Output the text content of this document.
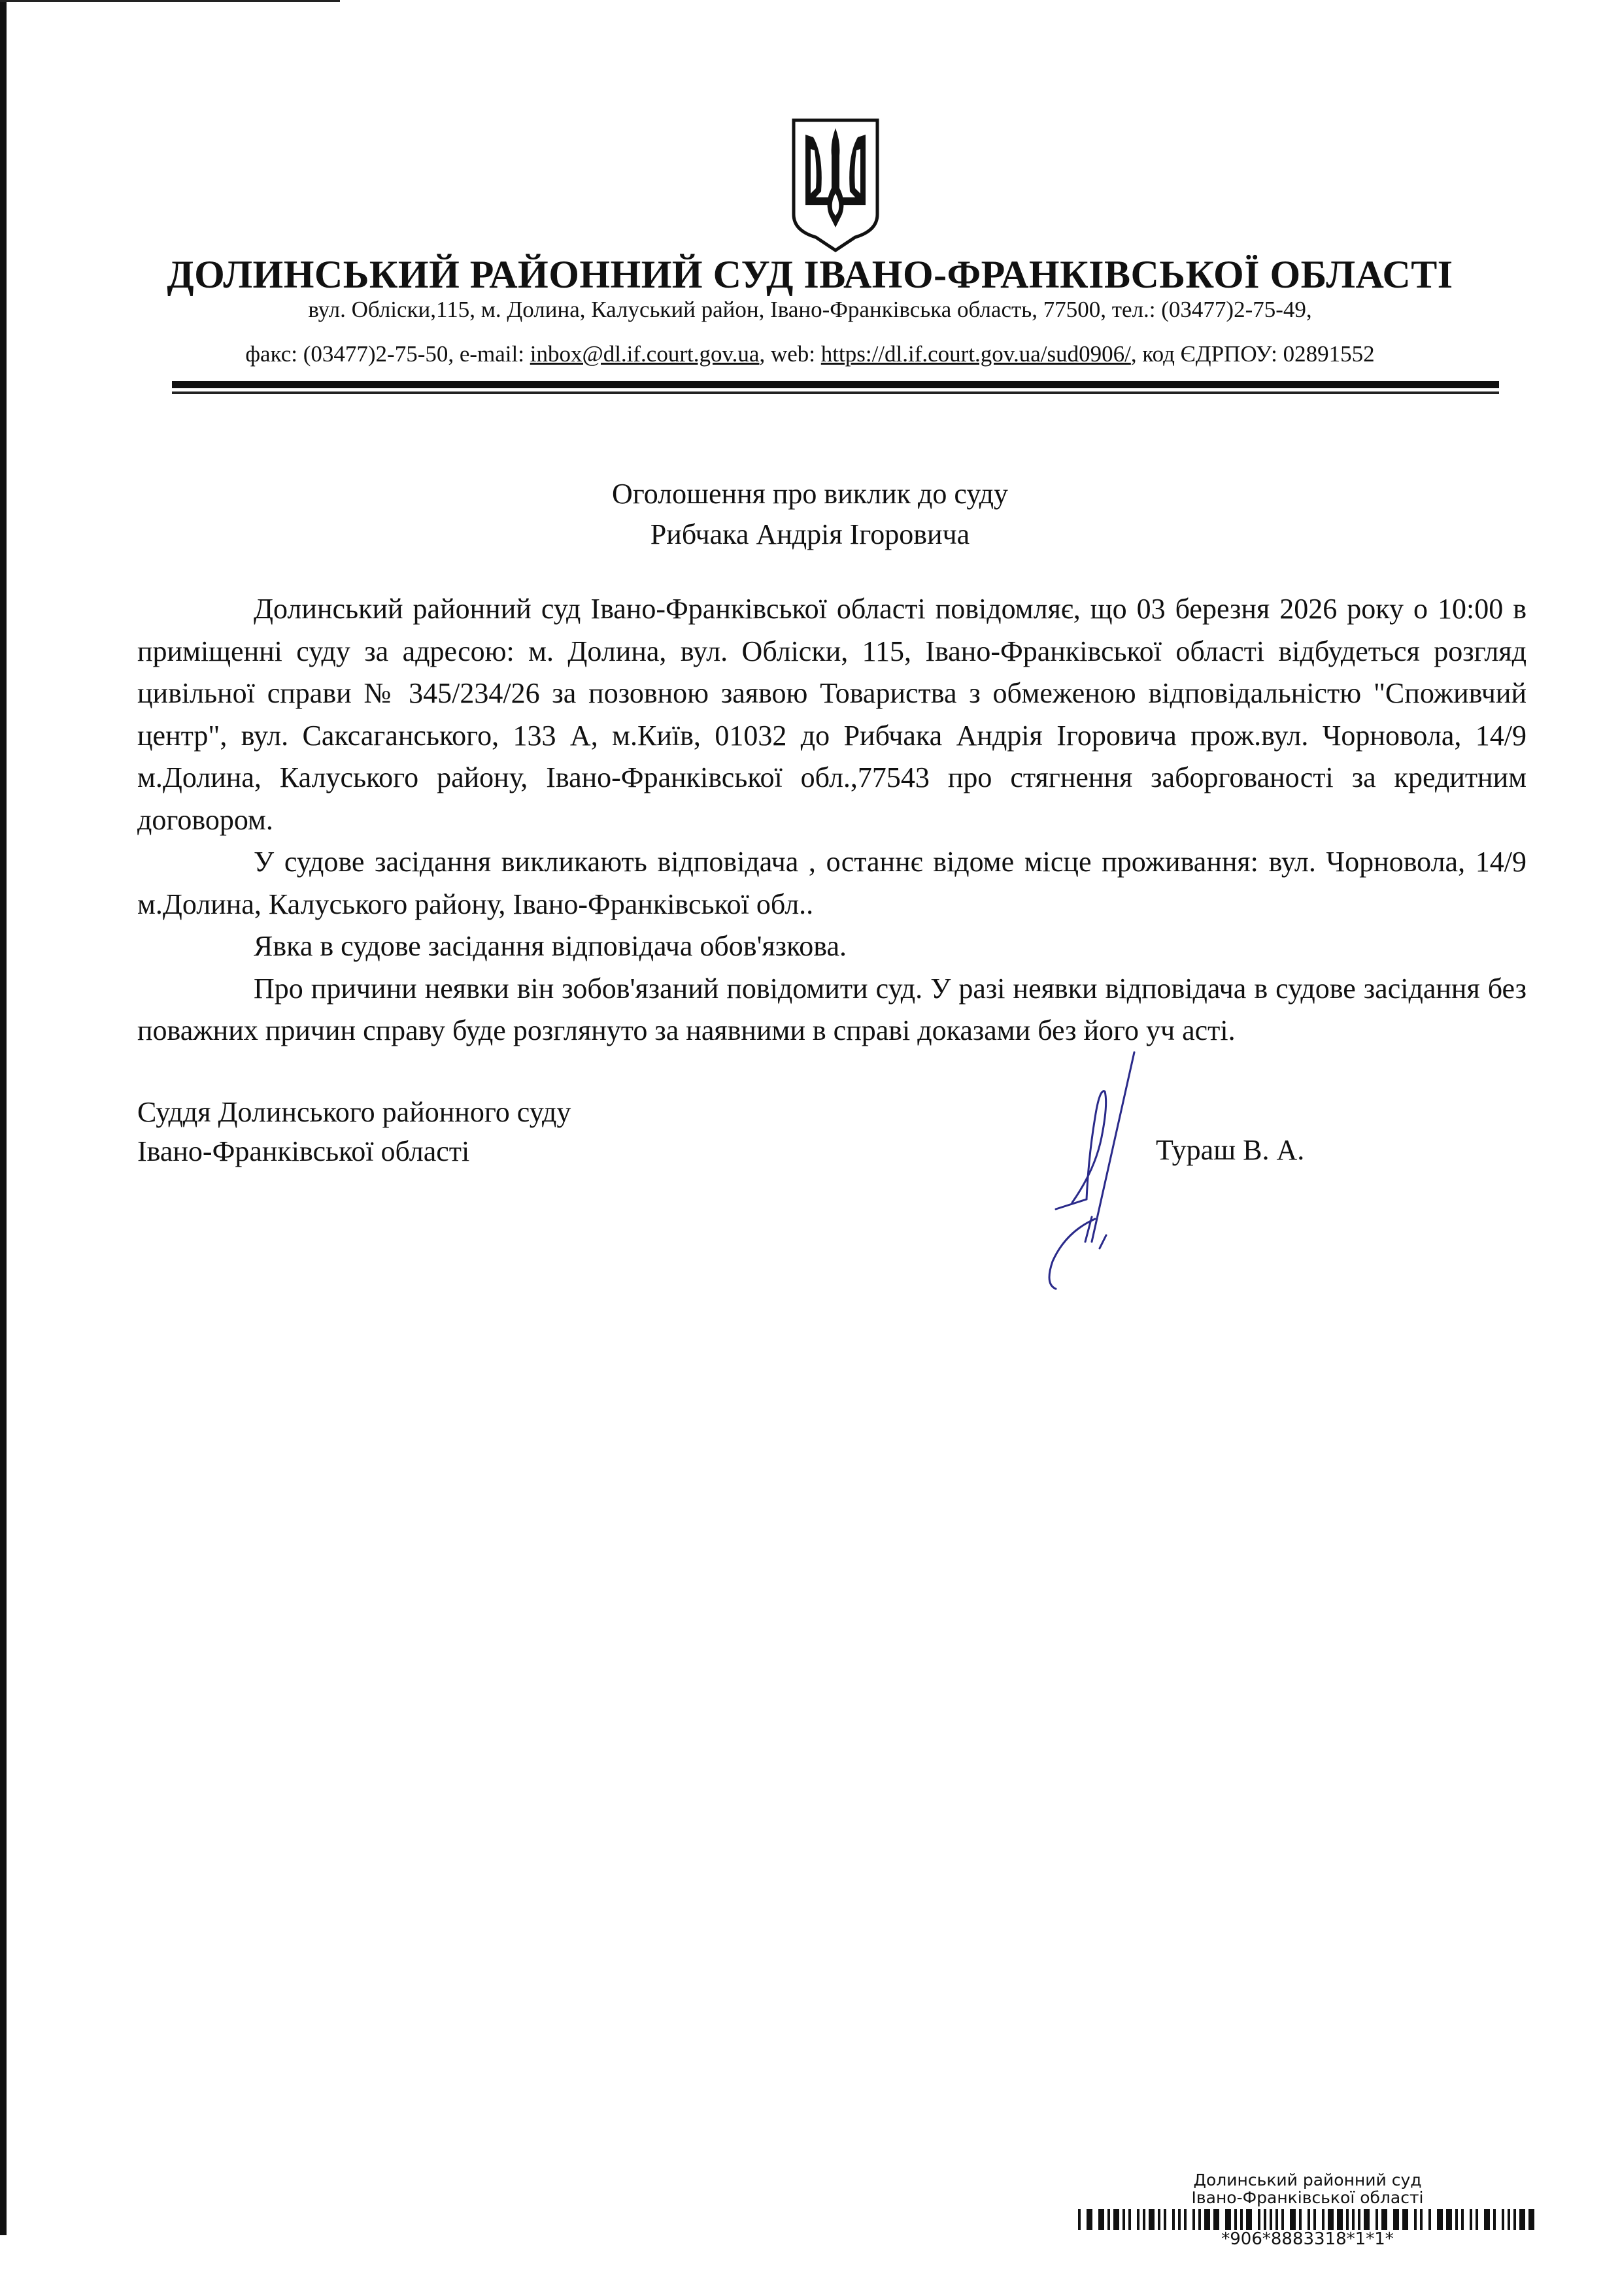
ДОЛИНСЬКИЙ РАЙОННИЙ СУД ІВАНО-ФРАНКІВСЬКОЇ ОБЛАСТІ
вул. Обліски,115, м. Долина, Калуський район, Івано-Франківська область, 77500, тел.: (03477)2-75-49,
факс: (03477)2-75-50, e-mail: inbox@dl.if.court.gov.ua, web: https://dl.if.court.gov.ua/sud0906/, код ЄДРПОУ: 02891552
Оголошення про виклик до суду
Рибчака Андрія Ігоровича

Долинський районний суд Івано-Франківської області повідомляє, що 03 березня 2026 року о 10:00 в приміщенні суду за адресою: м. Долина, вул. Обліски, 115, Івано-Франківської області відбудеться розгляд цивільної справи № 345/234/26 за позовною заявою Товариства з обмеженою відповідальністю "Споживчий центр", вул. Саксаганського, 133 А, м.Київ, 01032 до Рибчака Андрія Ігоровича прож.вул. Чорновола, 14/9 м.Долина, Калуського району, Івано-Франківської обл.,77543 про стягнення заборгованості за кредитним договором.

У судове засідання викликають відповідача , останнє відоме місце проживання: вул. Чорновола, 14/9 м.Долина, Калуського району, Івано-Франківської обл..

Явка в судове засідання відповідача обов'язкова.

Про причини неявки він зобов'язаний повідомити суд. У разі неявки відповідача в судове засідання без поважних причин справу буде розглянуто за наявними в справі доказами без його уч асті.

Суддя Долинського районного суду
Івано-Франківської області	Тураш В. А.
Долинський районний суд
Івано-Франківської області
*906*8883318*1*1*
